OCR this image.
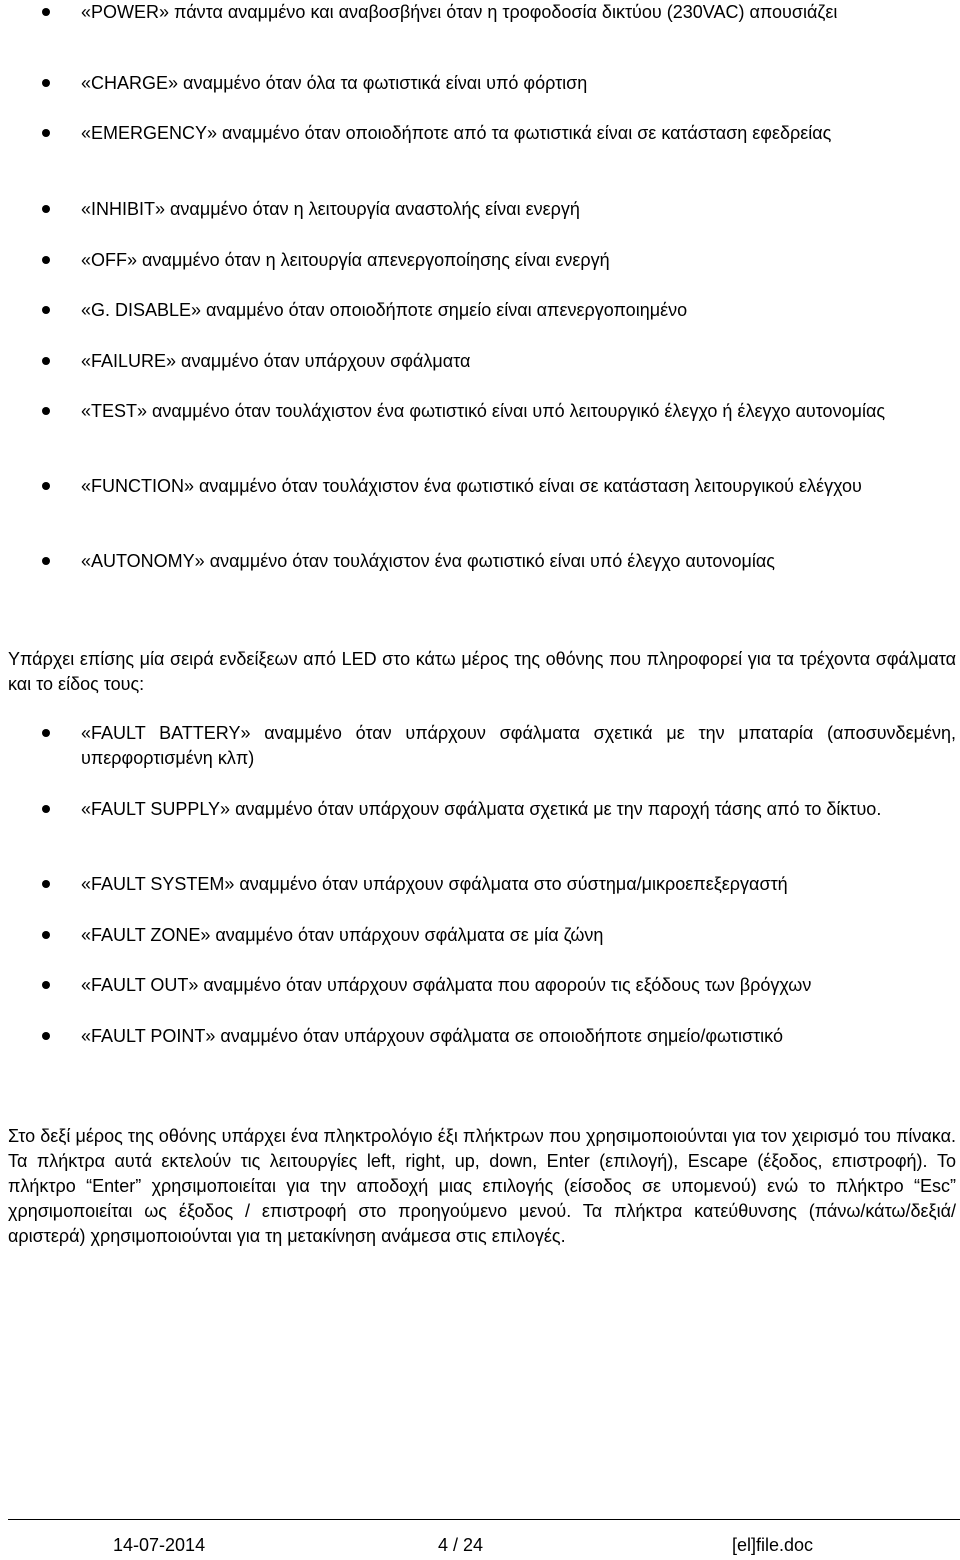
«POWER» πάντα αναμμένο και αναβοσβήνει όταν η τροφοδοσία δικτύου (230VAC) απουσιάζει
«CHARGE» αναμμένο όταν όλα τα φωτιστικά είναι υπό φόρτιση
«EMERGENCY» αναμμένο όταν οποιοδήποτε από τα φωτιστικά είναι σε κατάσταση εφεδρείας
«INHIBIT» αναμμένο όταν η λειτουργία αναστολής είναι ενεργή
«OFF» αναμμένο όταν η λειτουργία απενεργοποίησης είναι ενεργή
«G. DISABLE» αναμμένο όταν οποιοδήποτε σημείο είναι απενεργοποιημένο
«FAILURE» αναμμένο όταν υπάρχουν σφάλματα
«TEST» αναμμένο όταν τουλάχιστον ένα φωτιστικό είναι υπό λειτουργικό έλεγχο ή έλεγχο αυτονομίας
«FUNCTION» αναμμένο όταν τουλάχιστον ένα φωτιστικό είναι σε κατάσταση λειτουργικού ελέγχου
«AUTONOMY» αναμμένο όταν τουλάχιστον ένα φωτιστικό είναι υπό έλεγχο αυτονομίας

Υπάρχει επίσης μία σειρά ενδείξεων από LED στο κάτω μέρος της οθόνης που πληροφορεί για τα τρέχοντα σφάλματα και το είδος τους:

«FAULT BATTERY» αναμμένο όταν υπάρχουν σφάλματα σχετικά με την μπαταρία (αποσυνδεμένη, υπερφορτισμένη κλπ)
«FAULT SUPPLY» αναμμένο όταν υπάρχουν σφάλματα σχετικά με την παροχή τάσης από το δίκτυο.
«FAULT SYSTEM» αναμμένο όταν υπάρχουν σφάλματα στο σύστημα/μικροεπεξεργαστή
«FAULT ZONE» αναμμένο όταν υπάρχουν σφάλματα σε μία ζώνη
«FAULT OUT» αναμμένο όταν υπάρχουν σφάλματα που αφορούν τις εξόδους των βρόγχων
«FAULT POINT» αναμμένο όταν υπάρχουν σφάλματα σε οποιοδήποτε σημείο/φωτιστικό

Στο δεξί μέρος της οθόνης υπάρχει ένα πληκτρολόγιο έξι πλήκτρων που χρησιμοποιούνται για τον χειρισμό του πίνακα. Τα πλήκτρα αυτά εκτελούν τις λειτουργίες left, right, up, down, Enter (επιλογή), Escape (έξοδος, επιστροφή). Το πλήκτρο “Enter” χρησιμοποιείται για την αποδοχή μιας επιλογής (είσοδος σε υπομενού) ενώ το πλήκτρο “Esc” χρησιμοποιείται ως έξοδος / επιστροφή στο προηγούμενο μενού. Τα πλήκτρα κατεύθυνσης (πάνω/κάτω/δεξιά/αριστερά) χρησιμοποιούνται για τη μετακίνηση ανάμεσα στις επιλογές.

14-07-2014	4 / 24	[el]file.doc
